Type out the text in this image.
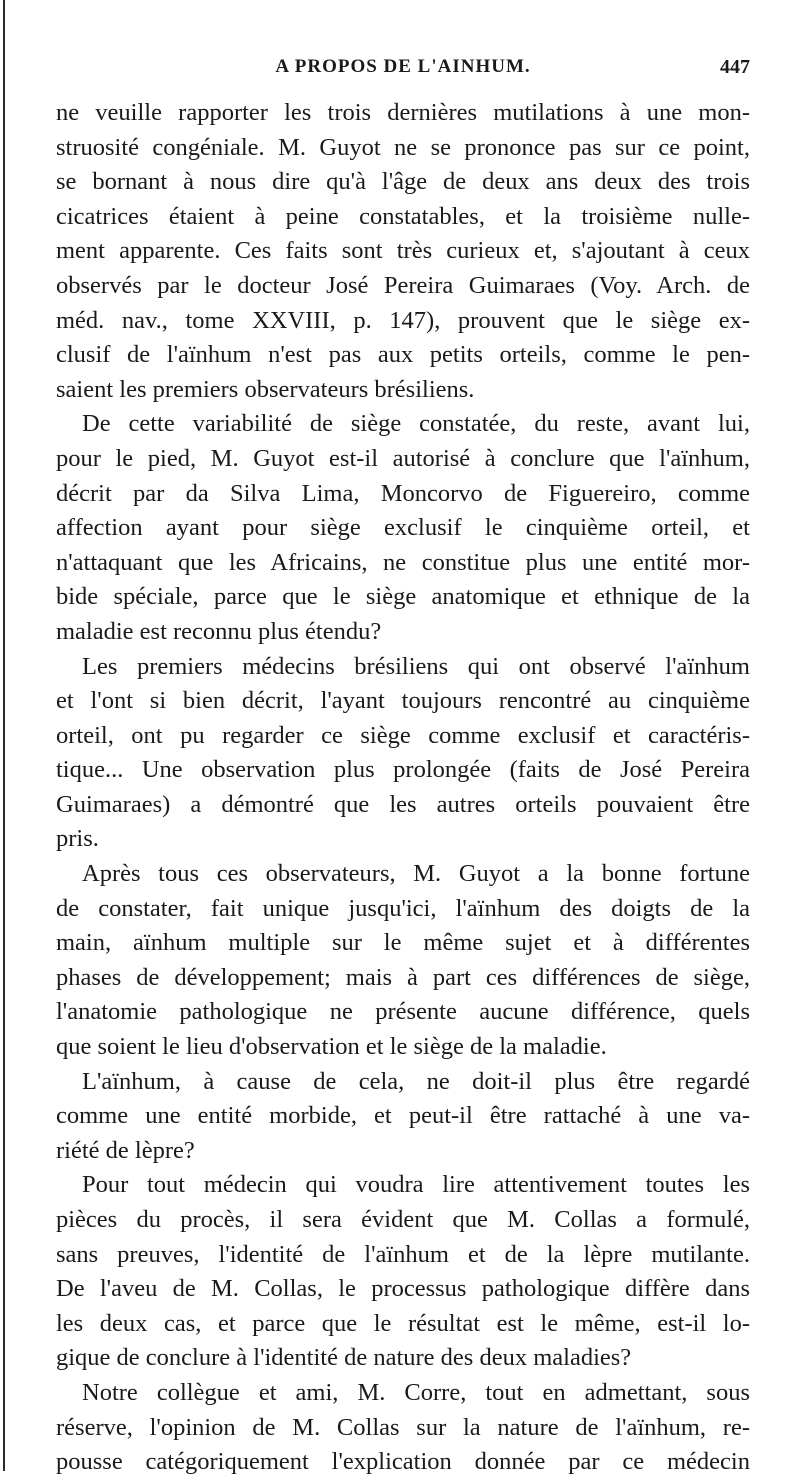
A PROPOS DE L'AINHUM.	447
ne veuille rapporter les trois dernières mutilations à une mon-
struosité congéniale. M. Guyot ne se prononce pas sur ce point,
se bornant à nous dire qu'à l'âge de deux ans deux des trois
cicatrices étaient à peine constatables, et la troisième nulle-
ment apparente. Ces faits sont très curieux et, s'ajoutant à ceux
observés par le docteur José Pereira Guimaraes (Voy. Arch. de
méd. nav., tome XXVIII, p. 147), prouvent que le siège ex-
clusif de l'aïnhum n'est pas aux petits orteils, comme le pen-
saient les premiers observateurs brésiliens.
De cette variabilité de siège constatée, du reste, avant lui,
pour le pied, M. Guyot est-il autorisé à conclure que l'aïnhum,
décrit par da Silva Lima, Moncorvo de Figuereiro, comme
affection ayant pour siège exclusif le cinquième orteil, et
n'attaquant que les Africains, ne constitue plus une entité mor-
bide spéciale, parce que le siège anatomique et ethnique de la
maladie est reconnu plus étendu?
Les premiers médecins brésiliens qui ont observé l'aïnhum
et l'ont si bien décrit, l'ayant toujours rencontré au cinquième
orteil, ont pu regarder ce siège comme exclusif et caractéris-
tique... Une observation plus prolongée (faits de José Pereira
Guimaraes) a démontré que les autres orteils pouvaient être
pris.
Après tous ces observateurs, M. Guyot a la bonne fortune
de constater, fait unique jusqu'ici, l'aïnhum des doigts de la
main, aïnhum multiple sur le même sujet et à différentes
phases de développement; mais à part ces différences de siège,
l'anatomie pathologique ne présente aucune différence, quels
que soient le lieu d'observation et le siège de la maladie.
L'aïnhum, à cause de cela, ne doit-il plus être regardé
comme une entité morbide, et peut-il être rattaché à une va-
riété de lèpre?
Pour tout médecin qui voudra lire attentivement toutes les
pièces du procès, il sera évident que M. Collas a formulé,
sans preuves, l'identité de l'aïnhum et de la lèpre mutilante.
De l'aveu de M. Collas, le processus pathologique diffère dans
les deux cas, et parce que le résultat est le même, est-il lo-
gique de conclure à l'identité de nature des deux maladies?
Notre collègue et ami, M. Corre, tout en admettant, sous
réserve, l'opinion de M. Collas sur la nature de l'aïnhum, re-
pousse catégoriquement l'explication donnée par ce médecin
